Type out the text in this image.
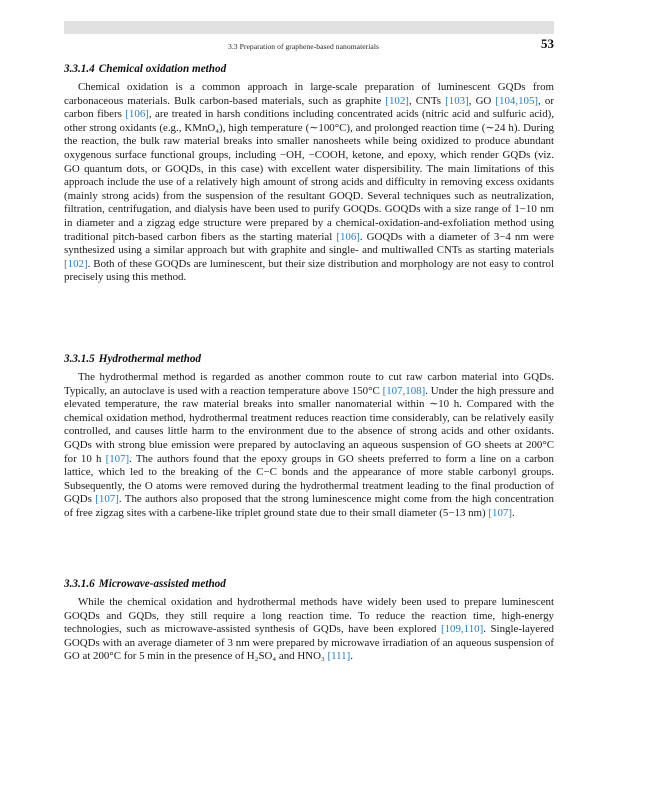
3.3 Preparation of graphene-based nanomaterials	53
3.3.1.4 Chemical oxidation method

Chemical oxidation is a common approach in large-scale preparation of luminescent GQDs from carbonaceous materials. Bulk carbon-based materials, such as graphite [102], CNTs [103], GO [104,105], or carbon fibers [106], are treated in harsh conditions including concentrated acids (nitric acid and sulfuric acid), other strong oxidants (e.g., KMnO₄), high temperature (∼100°C), and prolonged reaction time (∼24 h). During the reaction, the bulk raw material breaks into smaller nanosheets while being oxidized to produce abundant oxygenous surface functional groups, including −OH, −COOH, ketone, and epoxy, which render GQDs (viz. GO quantum dots, or GOQDs, in this case) with excellent water dispersibility. The main limitations of this approach include the use of a relatively high amount of strong acids and difficulty in removing excess oxidants (mainly strong acids) from the suspension of the resultant GOQD. Several techniques such as neutralization, filtration, centrifugation, and dialysis have been used to purify GOQDs. GOQDs with a size range of 1−10 nm in diameter and a zigzag edge structure were prepared by a chemical-oxidation-and-exfoliation method using traditional pitch-based carbon fibers as the starting material [106]. GOQDs with a diameter of 3−4 nm were synthesized using a similar approach but with graphite and single- and multiwalled CNTs as starting materials [102]. Both of these GOQDs are luminescent, but their size distribution and morphology are not easy to control precisely using this method.

3.3.1.5 Hydrothermal method

The hydrothermal method is regarded as another common route to cut raw carbon material into GQDs. Typically, an autoclave is used with a reaction temperature above 150°C [107,108]. Under the high pressure and elevated temperature, the raw material breaks into smaller nanomaterial within ∼10 h. Compared with the chemical oxidation method, hydrothermal treatment reduces reaction time considerably, can be relatively easily controlled, and causes little harm to the environment due to the absence of strong acids and other oxidants. GQDs with strong blue emission were prepared by autoclaving an aqueous suspension of GO sheets at 200°C for 10 h [107]. The authors found that the epoxy groups in GO sheets preferred to form a line on a carbon lattice, which led to the breaking of the C−C bonds and the appearance of more stable carbonyl groups. Subsequently, the O atoms were removed during the hydrothermal treatment leading to the final production of GQDs [107]. The authors also proposed that the strong luminescence might come from the high concentration of free zigzag sites with a carbene-like triplet ground state due to their small diameter (5−13 nm) [107].

3.3.1.6 Microwave-assisted method

While the chemical oxidation and hydrothermal methods have widely been used to prepare luminescent GOQDs and GQDs, they still require a long reaction time. To reduce the reaction time, high-energy technologies, such as microwave-assisted synthesis of GQDs, have been explored [109,110]. Single-layered GOQDs with an average diameter of 3 nm were prepared by microwave irradiation of an aqueous suspension of GO at 200°C for 5 min in the presence of H₂SO₄ and HNO₃ [111].
